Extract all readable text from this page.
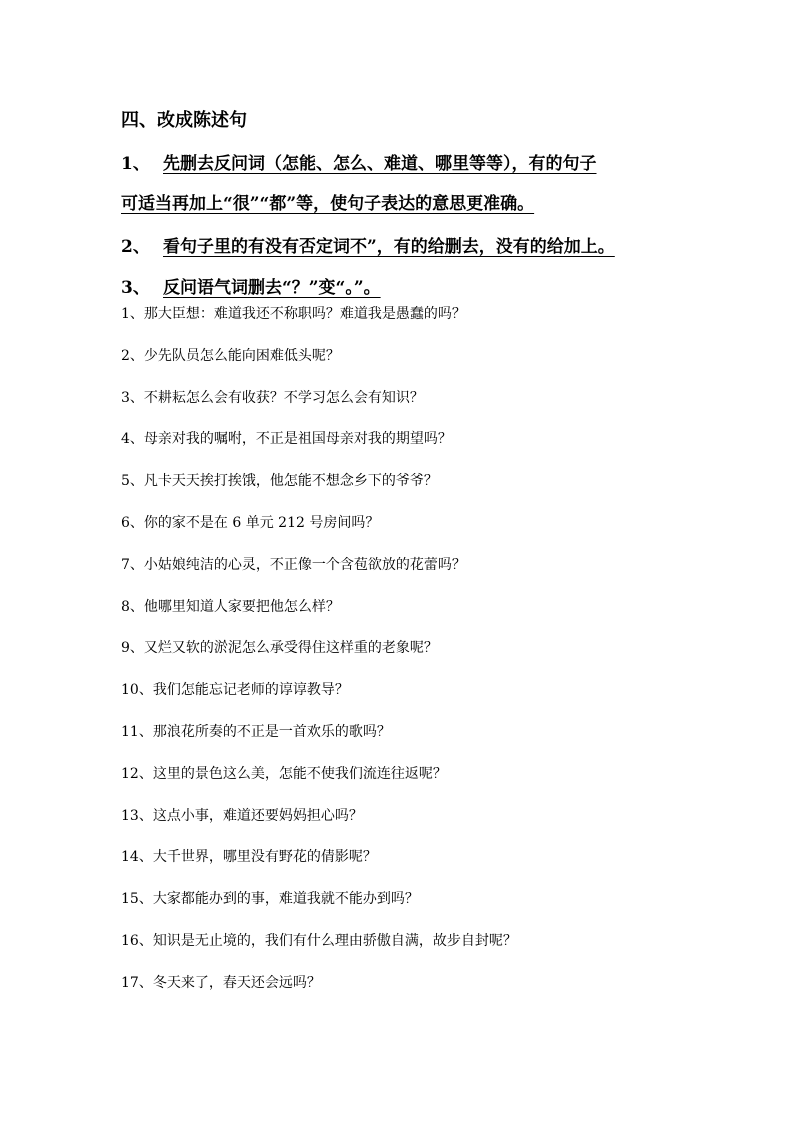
四、改成陈述句
1、 先删去反问词（怎能、怎么、难道、哪里等等），有的句子
可适当再加上“很”“都”等，使句子表达的意思更准确。
2、 看句子里的有没有否定词不”，有的给删去，没有的给加上。
3、 反问语气词删去“？”变“。”。
1、那大臣想：难道我还不称职吗？难道我是愚蠢的吗？
2、少先队员怎么能向困难低头呢？
3、不耕耘怎么会有收获？不学习怎么会有知识？
4、母亲对我的嘱咐，不正是祖国母亲对我的期望吗？
5、凡卡天天挨打挨饿，他怎能不想念乡下的爷爷？
6、你的家不是在 6 单元 212 号房间吗？
7、小姑娘纯洁的心灵，不正像一个含苞欲放的花蕾吗？
8、他哪里知道人家要把他怎么样？
9、又烂又软的淤泥怎么承受得住这样重的老象呢？
10、我们怎能忘记老师的谆谆教导？
11、那浪花所奏的不正是一首欢乐的歌吗？
12、这里的景色这么美，怎能不使我们流连往返呢？
13、这点小事，难道还要妈妈担心吗？
14、大千世界，哪里没有野花的倩影呢？
15、大家都能办到的事，难道我就不能办到吗？
16、知识是无止境的，我们有什么理由骄傲自满，故步自封呢？
17、冬天来了，春天还会远吗？
